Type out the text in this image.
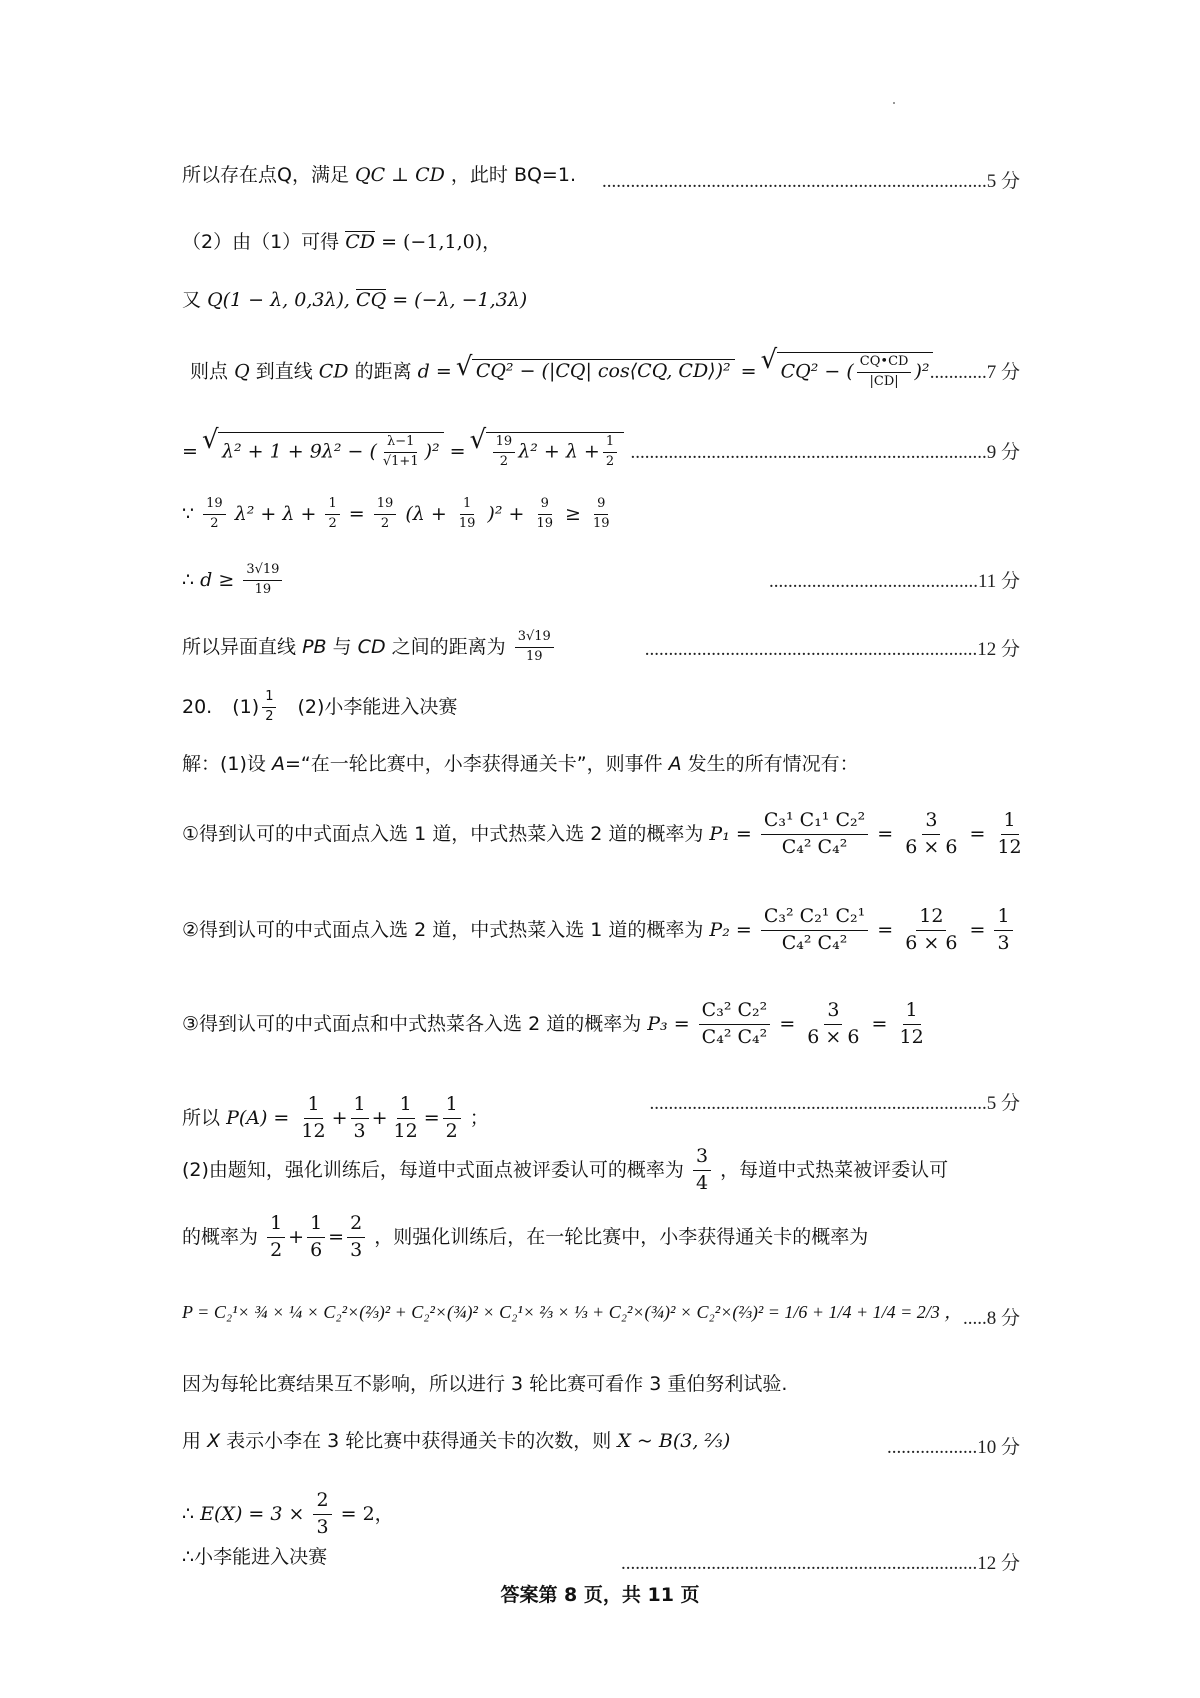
所以存在点Q，满足 QC ⊥ CD ，此时 BQ=1. .................................................................................5 分
（2）由（1）可得 CD = (−1,1,0)，
又 Q(1 − λ, 0,3λ), CQ = (−λ, −1,3λ)
则点 Q 到直线 CD 的距离 d = √ CQ² − (|CQ| cos⟨CQ, CD⟩)² = √ CQ² − ( $\frac{CQ•CD}{|CD|} )^2$ ............7 分
= √ λ² + 1 + 9λ² − ( $\frac{\lambda-1}{√1+1} )^2$ = √ $\frac{19}{2} \lambda^2 + \lambda + \frac{1}{2} ...........................................................................9$ 分
∵ $\frac{19}{2} \lambda^2 + \lambda + \frac{1}{2} = \frac{19}{2} (\lambda + \frac{1}{19} )^2 + \frac{9}{19} \ge \frac{9}{19}$
∴ $d \ge \frac{3√19}{19}$	............................................11 分
所以异面直线 PB 与 CD 之间的距离为 $\frac{3√19}{19}$	......................................................................12 分
20. $(1) \frac{1}{2} (2)$小李能进入决赛
解：(1)设 A=“在一轮比赛中，小李获得通关卡”，则事件 A 发生的所有情况有：
①得到认可的中式面点入选 1 道，中式热菜入选 2 道的概率为 $P_1 = \frac{\text{C₃¹ C₁¹ C₂²}}{\text{C₄² C₄²}} = \frac{3}{6 \times 6} = \frac{1}{12}$
②得到认可的中式面点入选 2 道，中式热菜入选 1 道的概率为 $P_2 = \frac{\text{C₃² C₂¹ C₂¹}}{\text{C₄² C₄²}} = \frac{12}{6 \times 6} = \frac{1}{3}$
③得到认可的中式面点和中式热菜各入选 2 道的概率为 $P_3 = \frac{\text{C₃² C₂²}}{\text{C₄² C₄²}} = \frac{3}{6 \times 6} = \frac{1}{12}$
所以 $P(A) = \frac{1}{12} + \frac{1}{3} + \frac{1}{12} = \frac{1}{2}$ ；
.......................................................................5 分
(2)由题知，强化训练后，每道中式面点被评委认可的概率为 $\frac{3}{4}$ ，每道中式热菜被评委认可
的概率为 $\frac{1}{2} + \frac{1}{6} = \frac{2}{3}$ ，则强化训练后，在一轮比赛中，小李获得通关卡的概率为
P = C₂¹× ¾ × ¼ × C₂²×(⅔)² + C₂²×(¾)² × C₂¹× ⅔ × ⅓ + C₂²×(¾)² × C₂²×(⅔)² = 1/6 + 1/4 + 1/4 = 2/3 ， .....8 分
因为每轮比赛结果互不影响，所以进行 3 轮比赛可看作 3 重伯努利试验.
用 X 表示小李在 3 轮比赛中获得通关卡的次数，则 X ~ B(3, ⅔)	...................10 分
∴ $E(X) = 3 \times \frac{2}{3} = 2$，
∴小李能进入决赛	...........................................................................12 分
答案第 8 页，共 11 页
